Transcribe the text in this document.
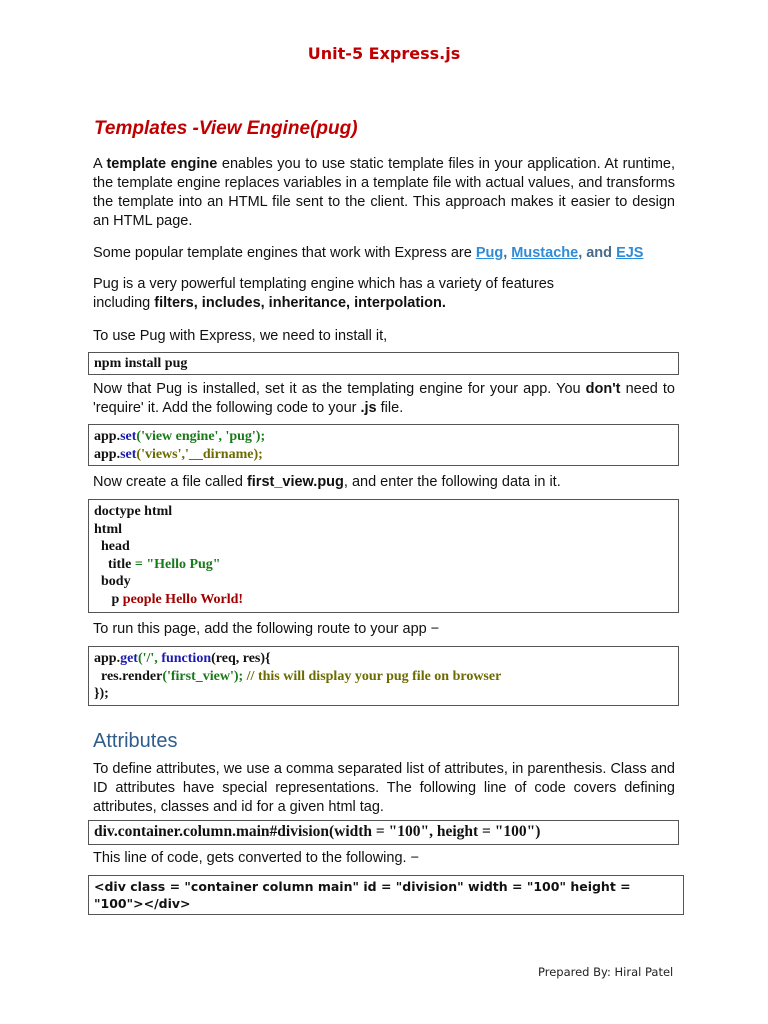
Unit-5 Express.js
Templates -View Engine(pug)
A template engine enables you to use static template files in your application. At runtime, the template engine replaces variables in a template file with actual values, and transforms the template into an HTML file sent to the client. This approach makes it easier to design an HTML page.
Some popular template engines that work with Express are Pug, Mustache, and EJS
Pug is a very powerful templating engine which has a variety of features including filters, includes, inheritance, interpolation.
To use Pug with Express, we need to install it,
npm install pug
Now that Pug is installed, set it as the templating engine for your app. You don't need to 'require' it. Add the following code to your .js file.
app.set('view engine', 'pug');
app.set('views','__dirname);
Now create a file called first_view.pug, and enter the following data in it.
doctype html
html
head
title = "Hello Pug"
body
p people Hello World!
To run this page, add the following route to your app −
app.get('/', function(req, res){
res.render('first_view'); // this will display your pug file on browser
});
Attributes
To define attributes, we use a comma separated list of attributes, in parenthesis. Class and ID attributes have special representations. The following line of code covers defining attributes, classes and id for a given html tag.
div.container.column.main#division(width = "100", height = "100")
This line of code, gets converted to the following. −
<div class = "container column main" id = "division" width = "100" height =
"100"></div>
Prepared By: Hiral Patel
